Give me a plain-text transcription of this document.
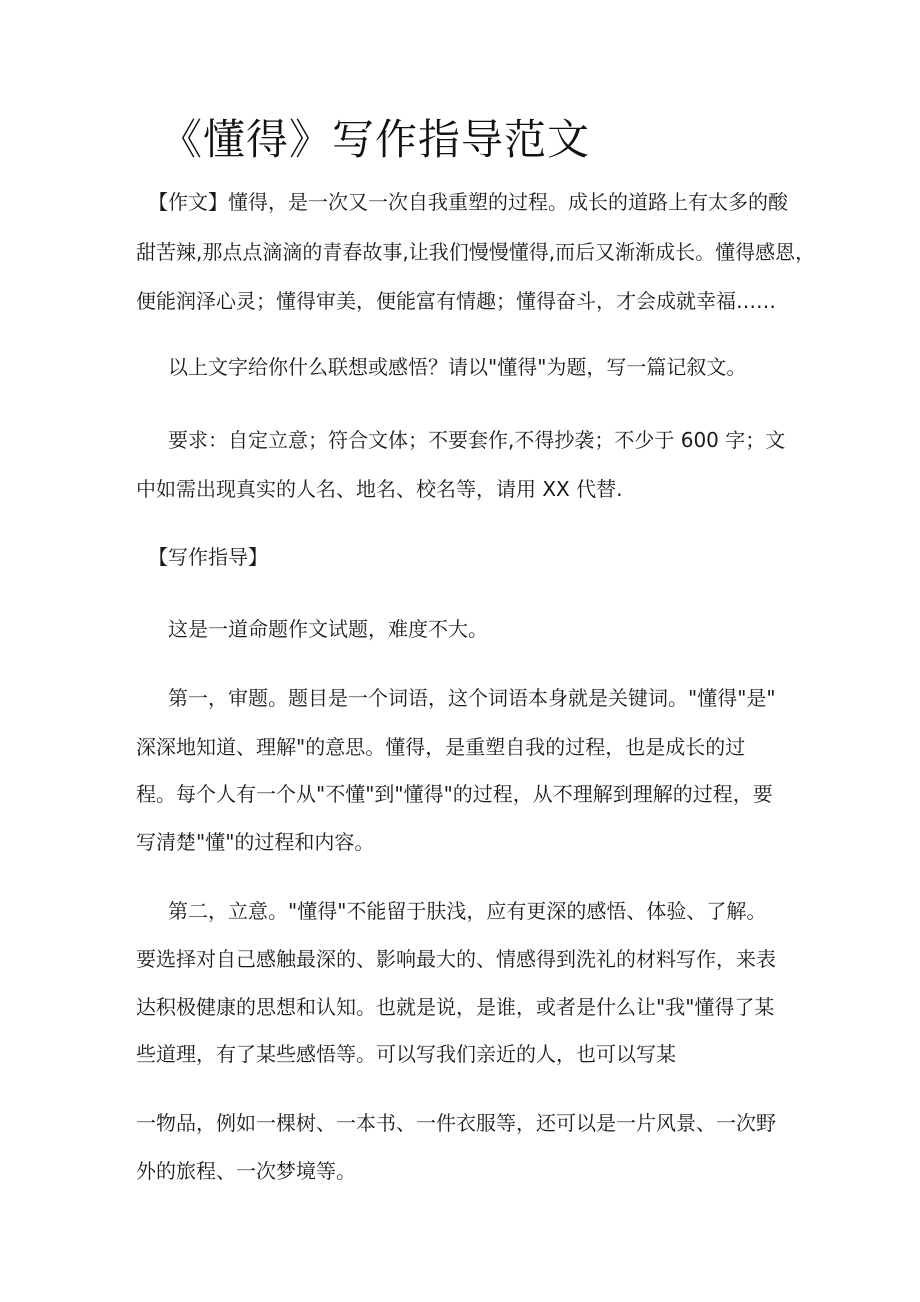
《懂得》写作指导范文

【作文】懂得，是一次又一次自我重塑的过程。成长的道路上有太多的酸

甜苦辣,那点点滴滴的青春故事,让我们慢慢懂得,而后又渐渐成长。懂得感恩，

便能润泽心灵；懂得审美，便能富有情趣；懂得奋斗，才会成就幸福……

以上文字给你什么联想或感悟？请以"懂得"为题，写一篇记叙文。

要求：自定立意；符合文体；不要套作,不得抄袭；不少于 600 字；文

中如需出现真实的人名、地名、校名等，请用 XX 代替.

【写作指导】

这是一道命题作文试题，难度不大。

第一，审题。题目是一个词语，这个词语本身就是关键词。"懂得"是"

深深地知道、理解"的意思。懂得，是重塑自我的过程，也是成长的过

程。每个人有一个从"不懂"到"懂得"的过程，从不理解到理解的过程，要

写清楚"懂"的过程和内容。

第二，立意。"懂得"不能留于肤浅，应有更深的感悟、体验、了解。

要选择对自己感触最深的、影响最大的、情感得到洗礼的材料写作，来表

达积极健康的思想和认知。也就是说，是谁，或者是什么让"我"懂得了某

些道理，有了某些感悟等。可以写我们亲近的人，也可以写某

一物品，例如一棵树、一本书、一件衣服等，还可以是一片风景、一次野

外的旅程、一次梦境等。
